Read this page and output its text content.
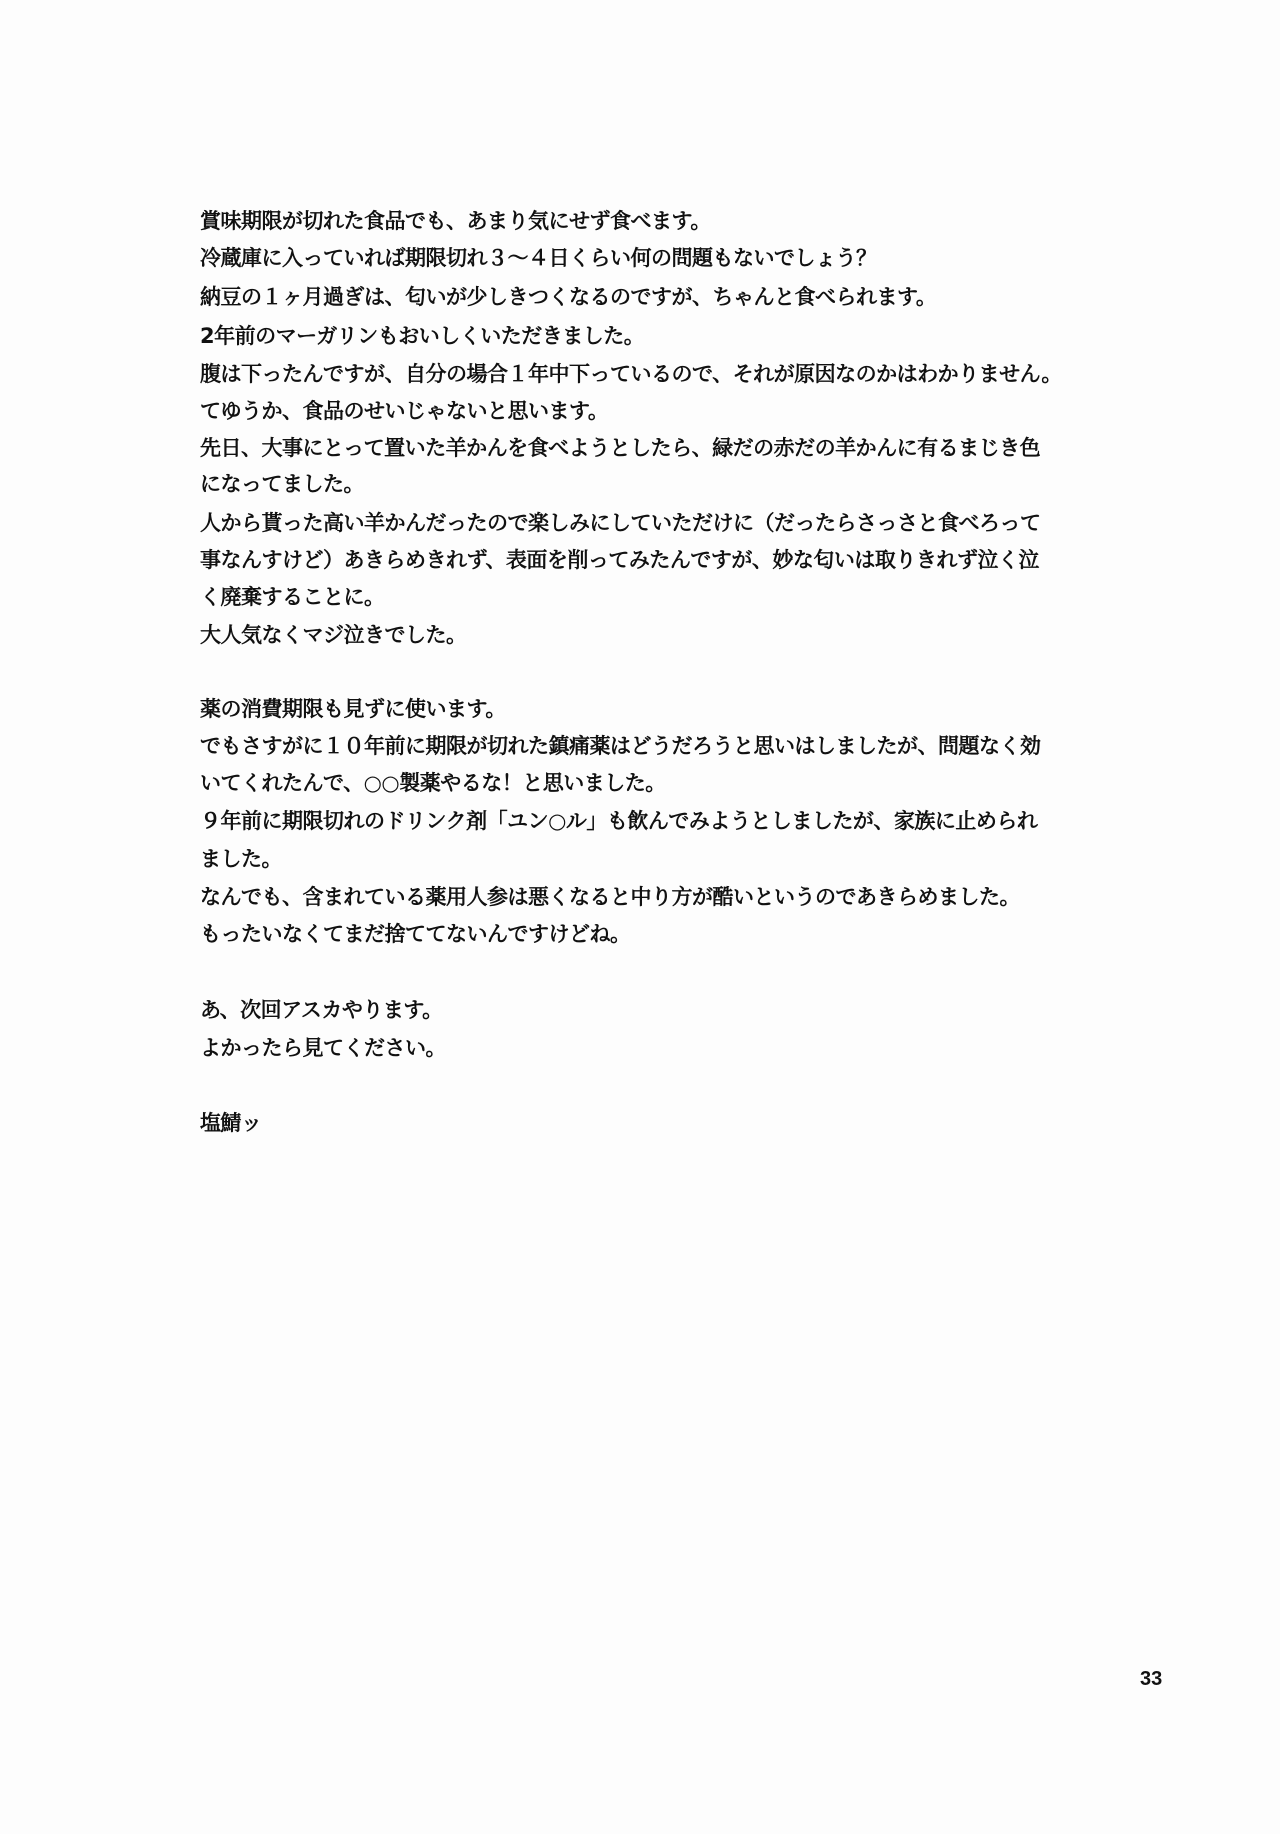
賞味期限が切れた食品でも、あまり気にせず食べます。
冷蔵庫に入っていれば期限切れ３〜４日くらい何の問題もないでしょう？
納豆の１ヶ月過ぎは、匂いが少しきつくなるのですが、ちゃんと食べられます。
2年前のマーガリンもおいしくいただきました。
腹は下ったんですが、自分の場合１年中下っているので、それが原因なのかはわかりません。
てゆうか、食品のせいじゃないと思います。
先日、大事にとって置いた羊かんを食べようとしたら、緑だの赤だの羊かんに有るまじき色
になってました。
人から貰った高い羊かんだったので楽しみにしていただけに（だったらさっさと食べろって
事なんすけど）あきらめきれず、表面を削ってみたんですが、妙な匂いは取りきれず泣く泣
く廃棄することに。
大人気なくマジ泣きでした。
薬の消費期限も見ずに使います。
でもさすがに１０年前に期限が切れた鎮痛薬はどうだろうと思いはしましたが、問題なく効
いてくれたんで、○○製薬やるな！と思いました。
９年前に期限切れのドリンク剤「ユン○ル」も飲んでみようとしましたが、家族に止められ
ました。
なんでも、含まれている薬用人参は悪くなると中り方が酷いというのであきらめました。
もったいなくてまだ捨ててないんですけどね。
あ、次回アスカやります。
よかったら見てください。
塩鯖ッ
33
